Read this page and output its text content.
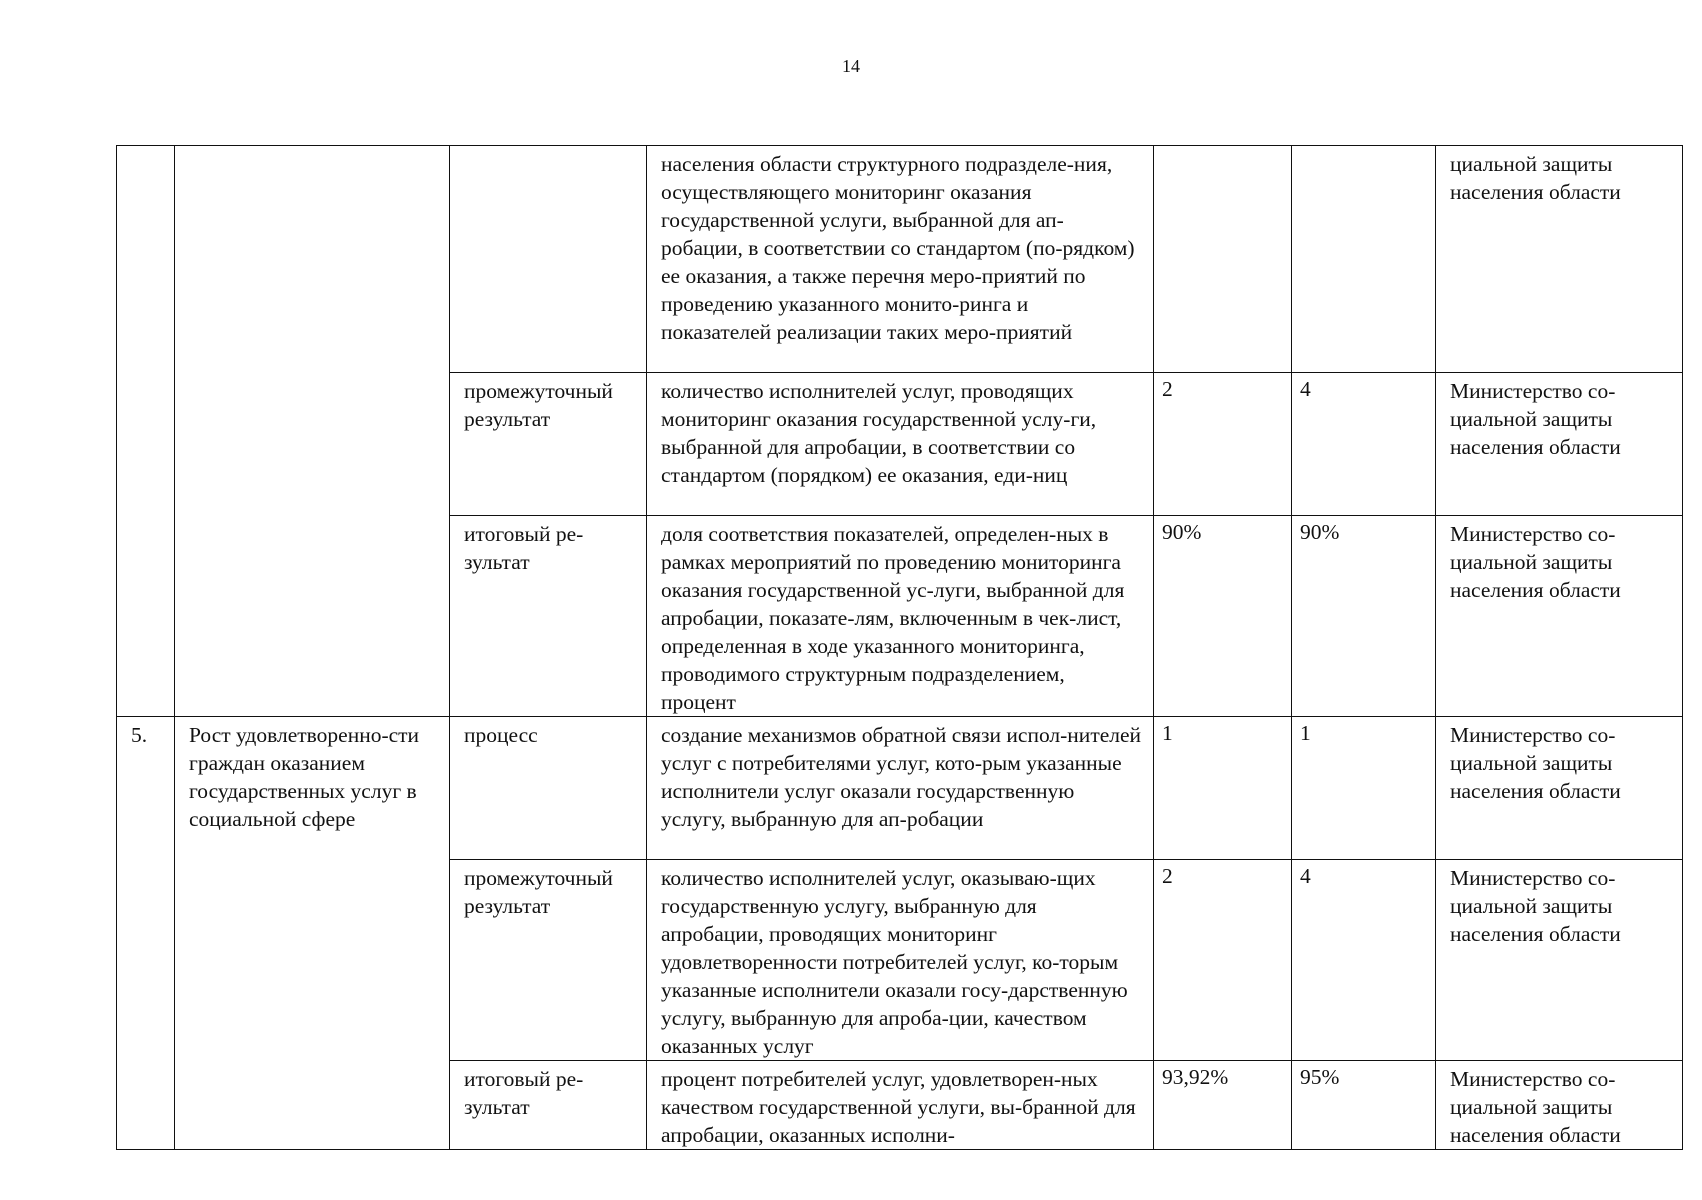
14

			населения области структурного подразделе-ния, осуществляющего мониторинг оказания государственной услуги, выбранной для ап-робации, в соответствии со стандартом (по-рядком) ее оказания, а также перечня меро-приятий по проведению указанного монито-ринга и показателей реализации таких меро-приятий			циальной защиты населения области

		промежуточный результат	количество исполнителей услуг, проводящих мониторинг оказания государственной услу-ги, выбранной для апробации, в соответствии со стандартом (порядком) ее оказания, еди-ниц	2	4	Министерство со-циальной защиты населения области

		итоговый ре-зультат	доля соответствия показателей, определен-ных в рамках мероприятий по проведению мониторинга оказания государственной ус-луги, выбранной для апробации, показате-лям, включенным в чек-лист, определенная в ходе указанного мониторинга, проводимого структурным подразделением, процент	90%	90%	Министерство со-циальной защиты населения области

5.	Рост удовлетворенно-сти граждан оказанием государственных услуг в социальной сфере	процесс	создание механизмов обратной связи испол-нителей услуг с потребителями услуг, кото-рым указанные исполнители услуг оказали государственную услугу, выбранную для ап-робации	1	1	Министерство со-циальной защиты населения области

		промежуточный результат	количество исполнителей услуг, оказываю-щих государственную услугу, выбранную для апробации, проводящих мониторинг удовлетворенности потребителей услуг, ко-торым указанные исполнители оказали госу-дарственную услугу, выбранную для апроба-ции, качеством оказанных услуг	2	4	Министерство со-циальной защиты населения области

		итоговый ре-зультат	процент потребителей услуг, удовлетворен-ных качеством государственной услуги, вы-бранной для апробации, оказанных исполни-	93,92%	95%	Министерство со-циальной защиты населения области
